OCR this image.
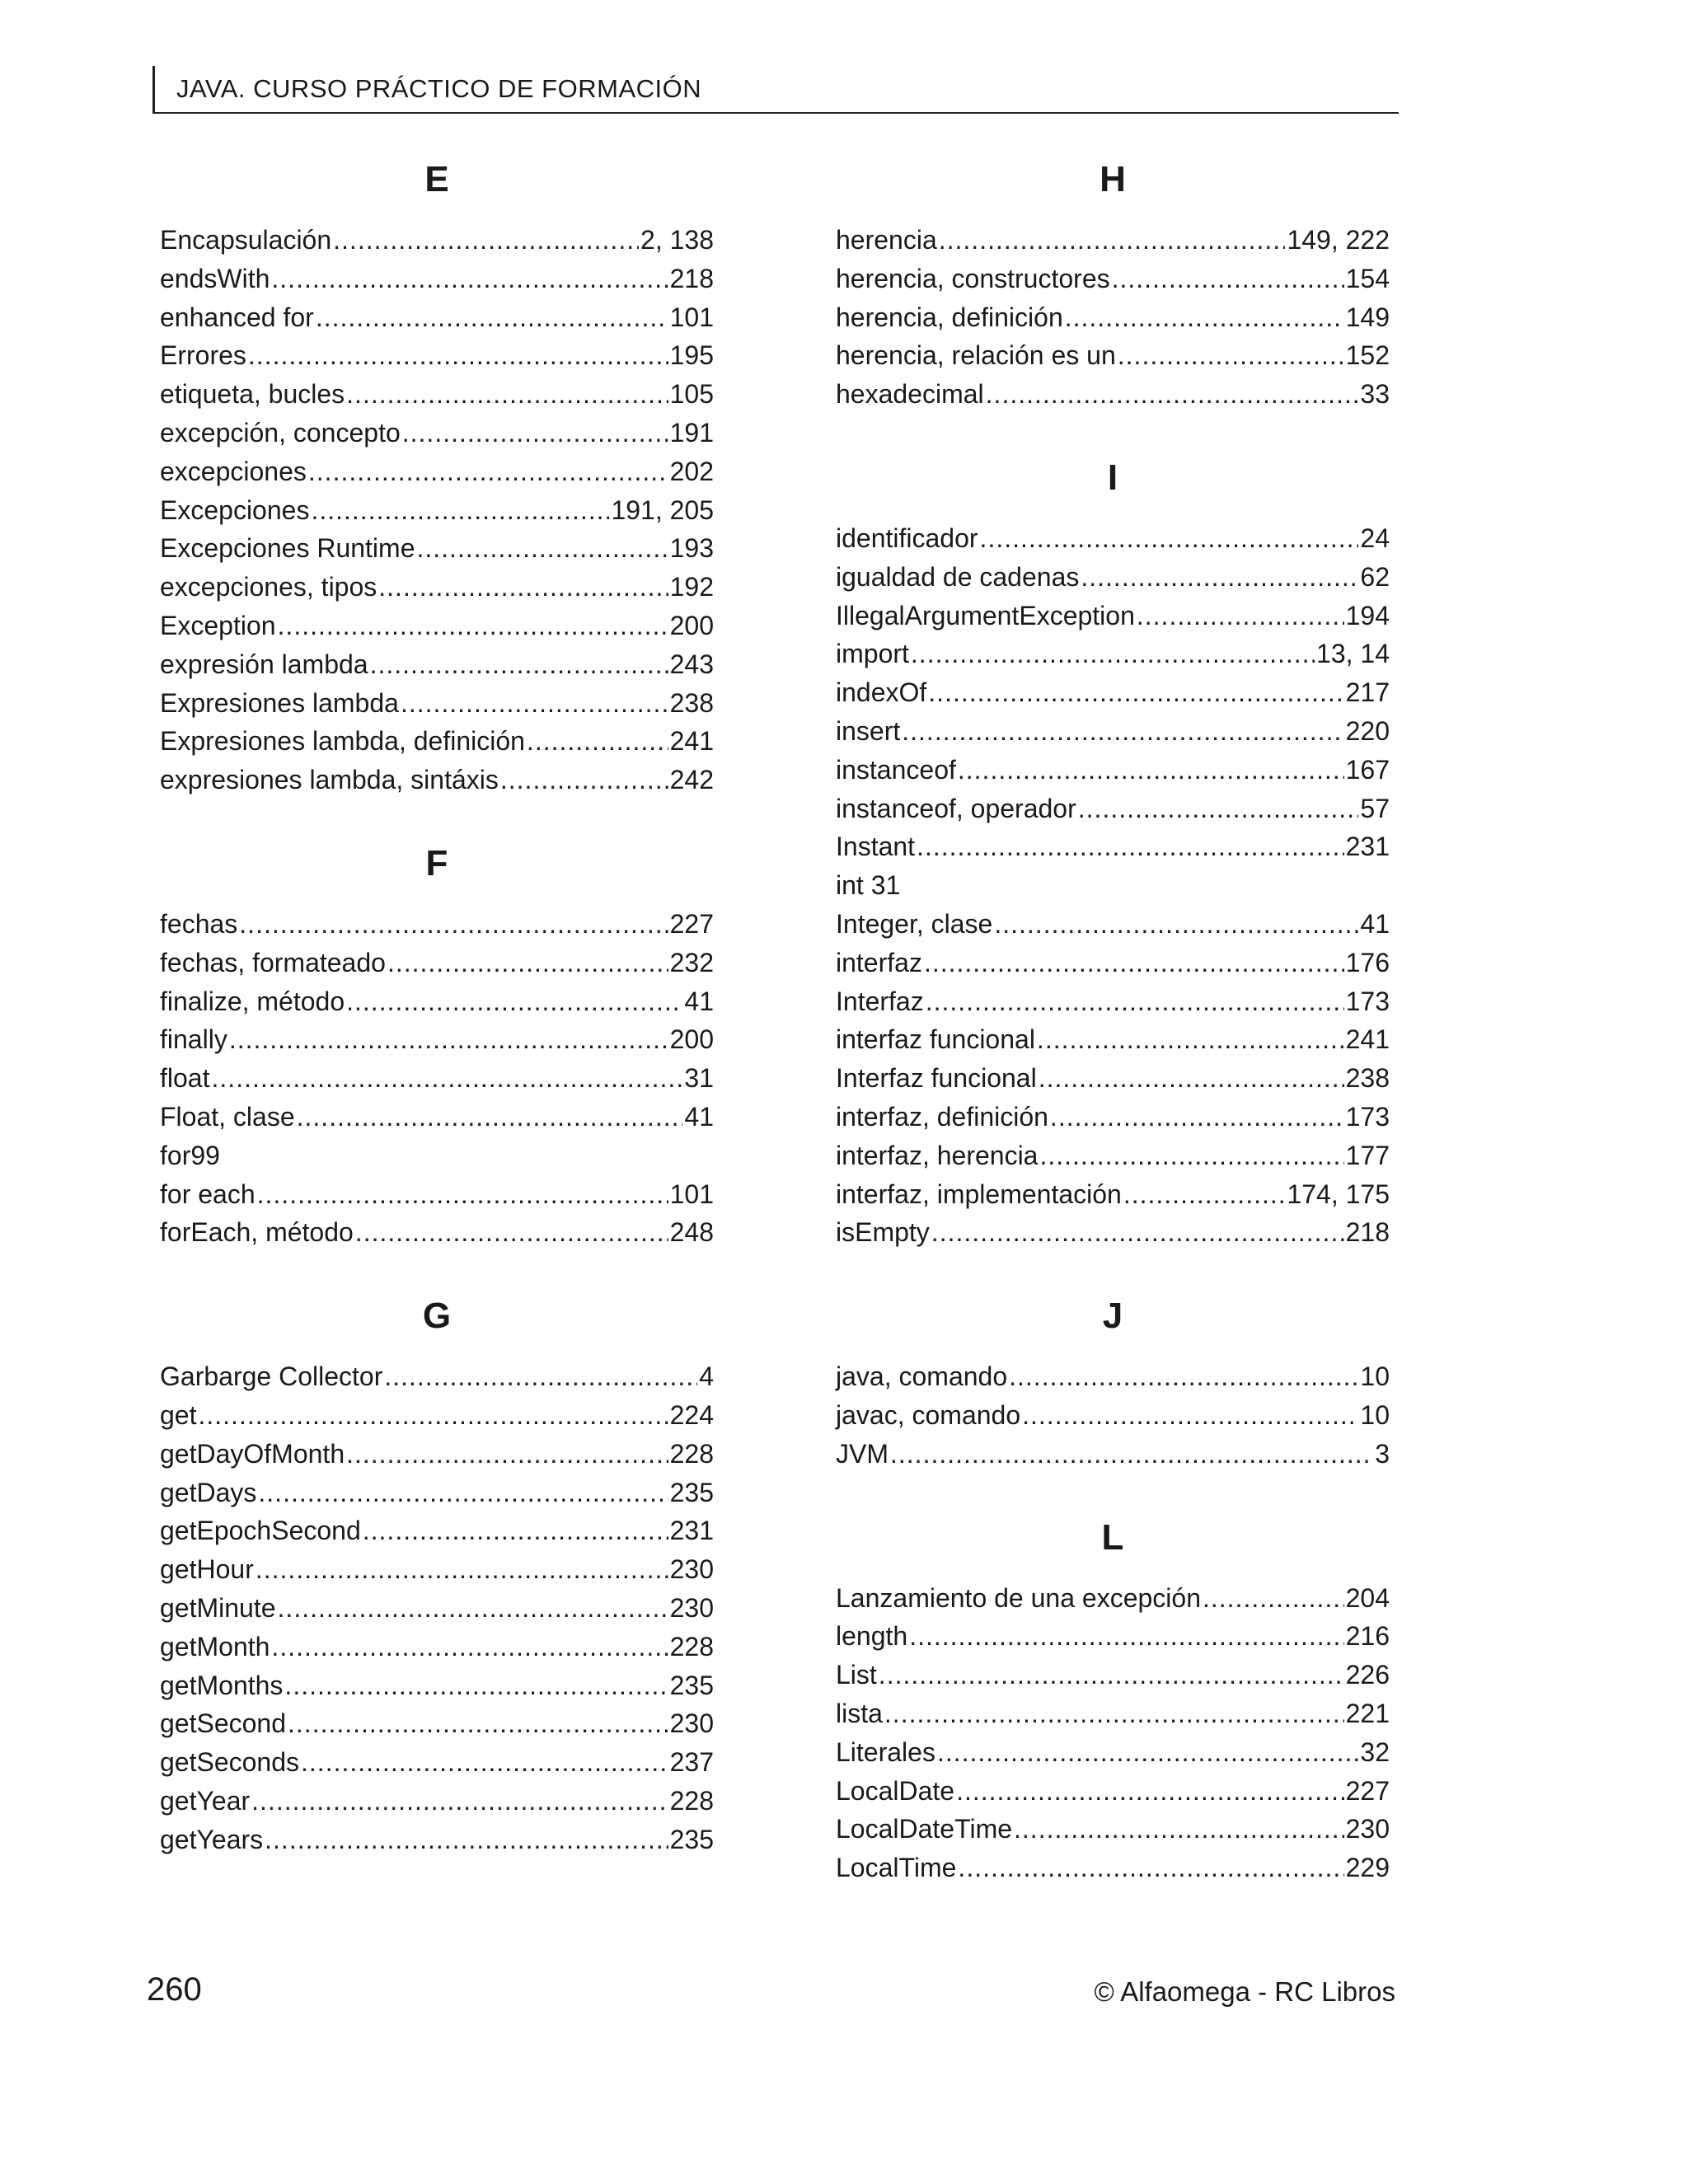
JAVA. CURSO PRÁCTICO DE FORMACIÓN
E
Encapsulación .....	2, 138
endsWith .....	218
enhanced for .....	101
Errores .....	195
etiqueta, bucles .....	105
excepción, concepto .....	191
excepciones .....	202
Excepciones .....	191, 205
Excepciones Runtime .....	193
excepciones, tipos .....	192
Exception .....	200
expresión lambda .....	243
Expresiones lambda .....	238
Expresiones lambda, definición .....	241
expresiones lambda, sintáxis .....	242
F
fechas .....	227
fechas, formateado .....	232
finalize, método .....	41
finally .....	200
float .....	31
Float, clase .....	41
for99
for each .....	101
forEach, método .....	248
G
Garbarge Collector .....	4
get .....	224
getDayOfMonth .....	228
getDays .....	235
getEpochSecond .....	231
getHour .....	230
getMinute .....	230
getMonth .....	228
getMonths .....	235
getSecond .....	230
getSeconds .....	237
getYear .....	228
getYears .....	235
H
herencia .....	149, 222
herencia, constructores .....	154
herencia, definición .....	149
herencia, relación es un .....	152
hexadecimal .....	33
I
identificador .....	24
igualdad de cadenas .....	62
IllegalArgumentException .....	194
import .....	13, 14
indexOf .....	217
insert .....	220
instanceof .....	167
instanceof, operador .....	57
Instant .....	231
int 31
Integer, clase .....	41
interfaz .....	176
Interfaz .....	173
interfaz funcional .....	241
Interfaz funcional .....	238
interfaz, definición .....	173
interfaz, herencia .....	177
interfaz, implementación .....	174, 175
isEmpty .....	218
J
java, comando .....	10
javac, comando .....	10
JVM .....	3
L
Lanzamiento de una excepción .....	204
length .....	216
List .....	226
lista .....	221
Literales .....	32
LocalDate .....	227
LocalDateTime .....	230
LocalTime .....	229
260	© Alfaomega - RC Libros
